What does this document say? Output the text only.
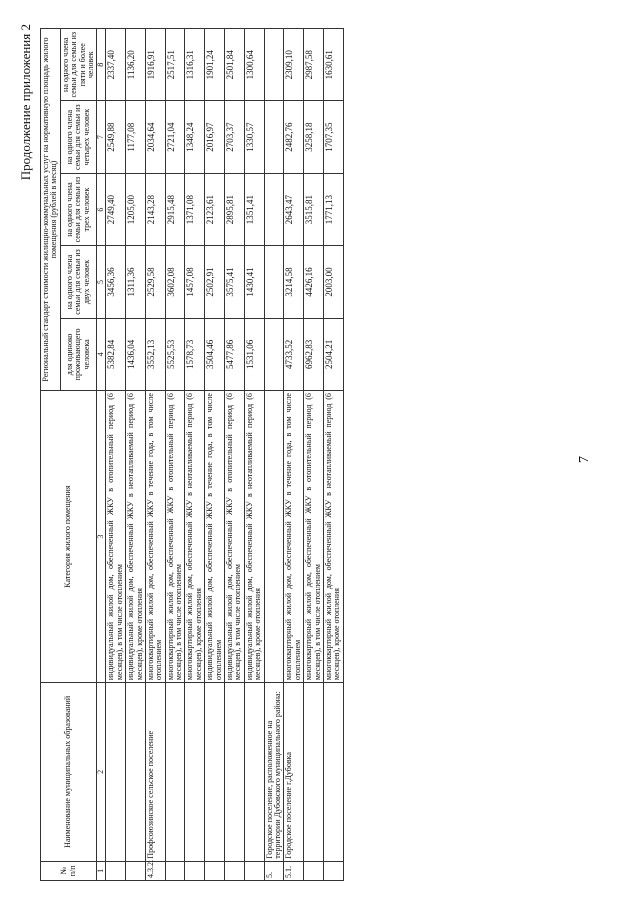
7
Продолжение приложения 2
№ п/п	Наименование муниципальных образований	Категория жилого помещения	Региональный стандарт стоимости жилищно-коммунальных услуг на нормативную площадь жилого помещения (рублей в месяц)				
			для одиноко проживающего человека	на одного члена семьи для семьи из двух человек	на одного члена семьи для семьи из трех человек	на одного члена семьи для семьи из четырех человек	на одного члена семьи для семьи из пяти и более человек
1	2	3	4	5	6	7	8
		индивидуальный жилой дом, обеспеченный ЖКУ в отопительный период (6 месяцев), в том числе отоплением	5382,84	3456,36	2749,40	2549,88	2337,40
		индивидуальный жилой дом, обеспеченный ЖКУ в неотапливаемый период (6 месяцев), кроме отопления	1436,04	1311,36	1205,00	1177,08	1136,20
4.3.2.	Профсоюзинское сельское поселение	многоквартирный жилой дом, обеспеченный ЖКУ в течение года, в том числе отоплением	3552,13	2529,58	2143,28	2034,64	1916,91
		многоквартирный жилой дом, обеспеченный ЖКУ в отопительный период (6 месяцев), в том числе отоплением	5525,53	3602,08	2915,48	2721,04	2517,51
		многоквартирный жилой дом, обеспеченный ЖКУ в неотапливаемый период (6 месяцев), кроме отопления	1578,73	1457,08	1371,08	1348,24	1316,31
		индивидуальный жилой дом, обеспеченный ЖКУ в течение года, в том числе отоплением	3504,46	2502,91	2123,61	2016,97	1901,24
		индивидуальный жилой дом, обеспеченный ЖКУ в отопительный период (6 месяцев), в том числе отоплением	5477,86	3575,41	2895,81	2703,37	2501,84
		индивидуальный жилой дом, обеспеченный ЖКУ в неотапливаемый период (6 месяцев), кроме отопления	1531,06	1430,41	1351,41	1330,57	1300,64
5.	Городское поселение, расположенное на территории Дубовского муниципального района:						
5.1.	Городское поселение г.Дубовка	многоквартирный жилой дом, обеспеченный ЖКУ в течение года, в том числе отоплением	4733,52	3214,58	2643,47	2482,76	2309,10
		многоквартирный жилой дом, обеспеченный ЖКУ в отопительный период (6 месяцев), в том числе отоплением	6962,83	4426,16	3515,81	3258,18	2987,58
		многоквартирный жилой дом, обеспеченный ЖКУ в неотапливаемый период (6 месяцев), кроме отопления	2504,21	2003,00	1771,13	1707,35	1630,61
